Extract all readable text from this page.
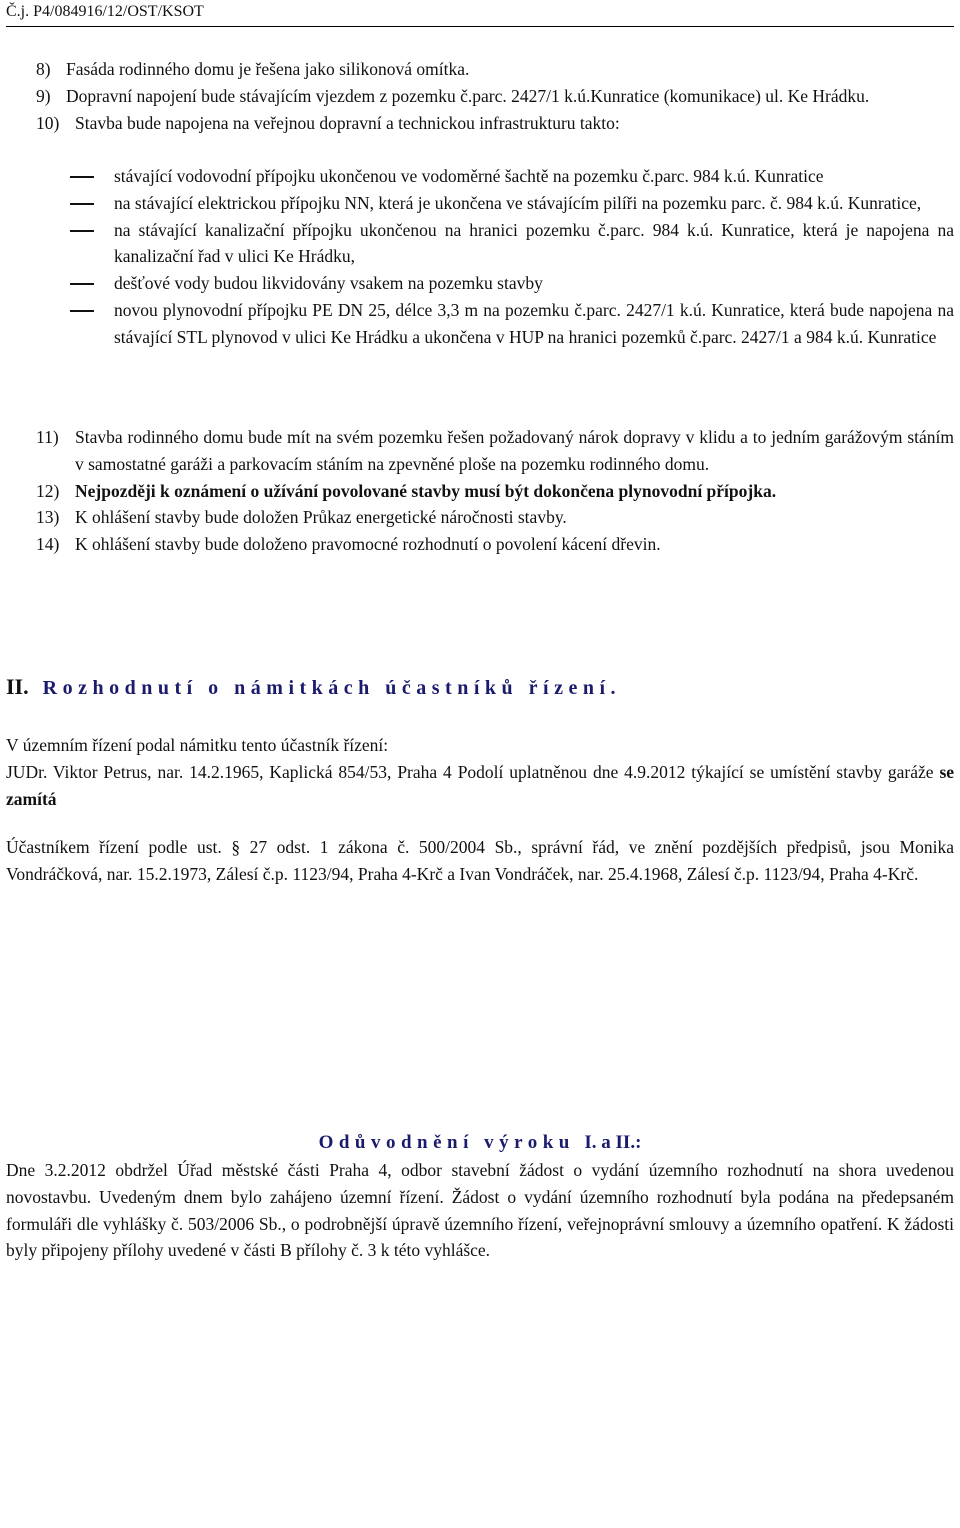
Č.j. P4/084916/12/OST/KSOT
8) Fasáda rodinného domu je řešena jako silikonová omítka.
9) Dopravní napojení bude stávajícím vjezdem z pozemku č.parc. 2427/1 k.ú.Kunratice (komunikace) ul. Ke Hrádku.
10) Stavba bude napojena na veřejnou dopravní a technickou infrastrukturu takto:
stávající vodovodní přípojku ukončenou ve vodoměrné šachtě na pozemku č.parc. 984 k.ú. Kunratice
na stávající elektrickou přípojku NN, která je ukončena ve stávajícím pilíři na pozemku parc. č. 984 k.ú. Kunratice,
na stávající kanalizační přípojku ukončenou na hranici pozemku č.parc. 984 k.ú. Kunratice, která je napojena na kanalizační řad v ulici Ke Hrádku,
dešťové vody budou likvidovány vsakem na pozemku stavby
novou plynovodní přípojku PE DN 25, délce 3,3 m na pozemku č.parc. 2427/1 k.ú. Kunratice, která bude napojena na stávající STL plynovod v ulici Ke Hrádku a ukončena v HUP na hranici pozemků č.parc. 2427/1 a 984 k.ú. Kunratice
11) Stavba rodinného domu bude mít na svém pozemku řešen požadovaný nárok dopravy v klidu a to jedním garážovým stáním v samostatné garáži a parkovacím stáním na zpevněné ploše na pozemku rodinného domu.
12) Nejpozději k oznámení o užívání povolované stavby musí být dokončena plynovodní přípojka.
13) K ohlášení stavby bude doložen Průkaz energetické náročnosti stavby.
14) K ohlášení stavby bude doloženo pravomocné rozhodnutí o povolení kácení dřevin.
II. Rozhodnutí o námitkách účastníků řízení.
V územním řízení podal námitku tento účastník řízení:
JUDr. Viktor Petrus, nar. 14.2.1965, Kaplická 854/53, Praha 4 Podolí uplatněnou dne 4.9.2012 týkající se umístění stavby garáže se zamítá
Účastníkem řízení podle ust. § 27 odst. 1 zákona č. 500/2004 Sb., správní řád, ve znění pozdějších předpisů, jsou Monika Vondráčková, nar. 15.2.1973, Zálesí č.p. 1123/94, Praha 4-Krč a Ivan Vondráček, nar. 25.4.1968, Zálesí č.p. 1123/94, Praha 4-Krč.
Odůvodnění výroku I. a II.:
Dne 3.2.2012 obdržel Úřad městské části Praha 4, odbor stavební žádost o vydání územního rozhodnutí na shora uvedenou novostavbu. Uvedeným dnem bylo zahájeno územní řízení. Žádost o vydání územního rozhodnutí byla podána na předepsaném formuláři dle vyhlášky č. 503/2006 Sb., o podrobnější úpravě územního řízení, veřejnoprávní smlouvy a územního opatření. K žádosti byly připojeny přílohy uvedené v části B přílohy č. 3 k této vyhlášce.
